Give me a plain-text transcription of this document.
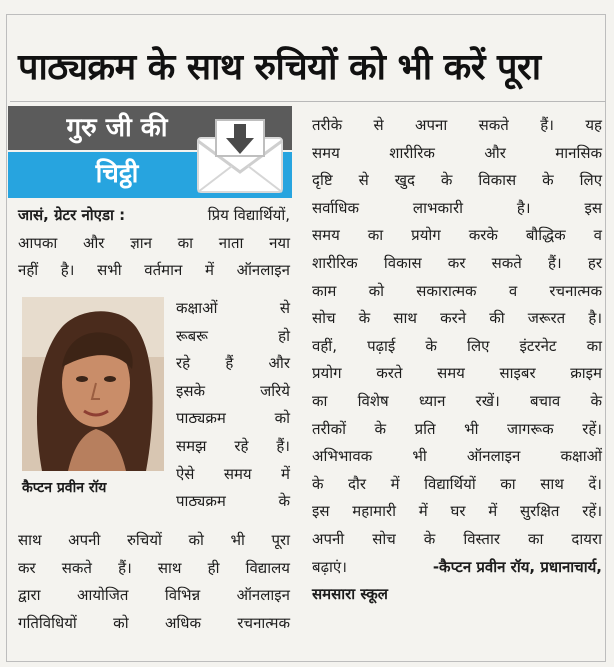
पाठ्यक्रम के साथ रुचियों को भी करें पूरा
गुरु जी की
चिट्ठी

जासं, ग्रेटर नोएडा :	प्रिय विद्यार्थियों,

आपका और ज्ञान का नाता नया

नहीं है। सभी वर्तमान में ऑनलाइन

कैप्टन प्रवीन रॉय

कक्षाओं से

रूबरू हो

रहे हैं और

इसके जरिये

पाठ्यक्रम को

समझ रहे हैं।

ऐसे समय में

पाठ्यक्रम के

साथ अपनी रुचियों को भी पूरा

कर सकते हैं। साथ ही विद्यालय

द्वारा आयोजित विभिन्न ऑनलाइन

गतिविधियों को अधिक रचनात्मक

तरीके से अपना सकते हैं। यह

समय शारीरिक और मानसिक

दृष्टि से खुद के विकास के लिए

सर्वाधिक लाभकारी है। इस

समय का प्रयोग करके बौद्धिक व

शारीरिक विकास कर सकते हैं। हर

काम को सकारात्मक व रचनात्मक

सोच के साथ करने की जरूरत है।

वहीं, पढ़ाई के लिए इंटरनेट का

प्रयोग करते समय साइबर क्राइम

का विशेष ध्यान रखें। बचाव के

तरीकों के प्रति भी जागरूक रहें।

अभिभावक भी ऑनलाइन कक्षाओं

के दौर में विद्यार्थियों का साथ दें।

इस महामारी में घर में सुरक्षित रहें।

अपनी सोच के विस्तार का दायरा

बढ़ाएं।	-कैप्टन प्रवीन रॉय, प्रधानाचार्य,

समसारा स्कूल
